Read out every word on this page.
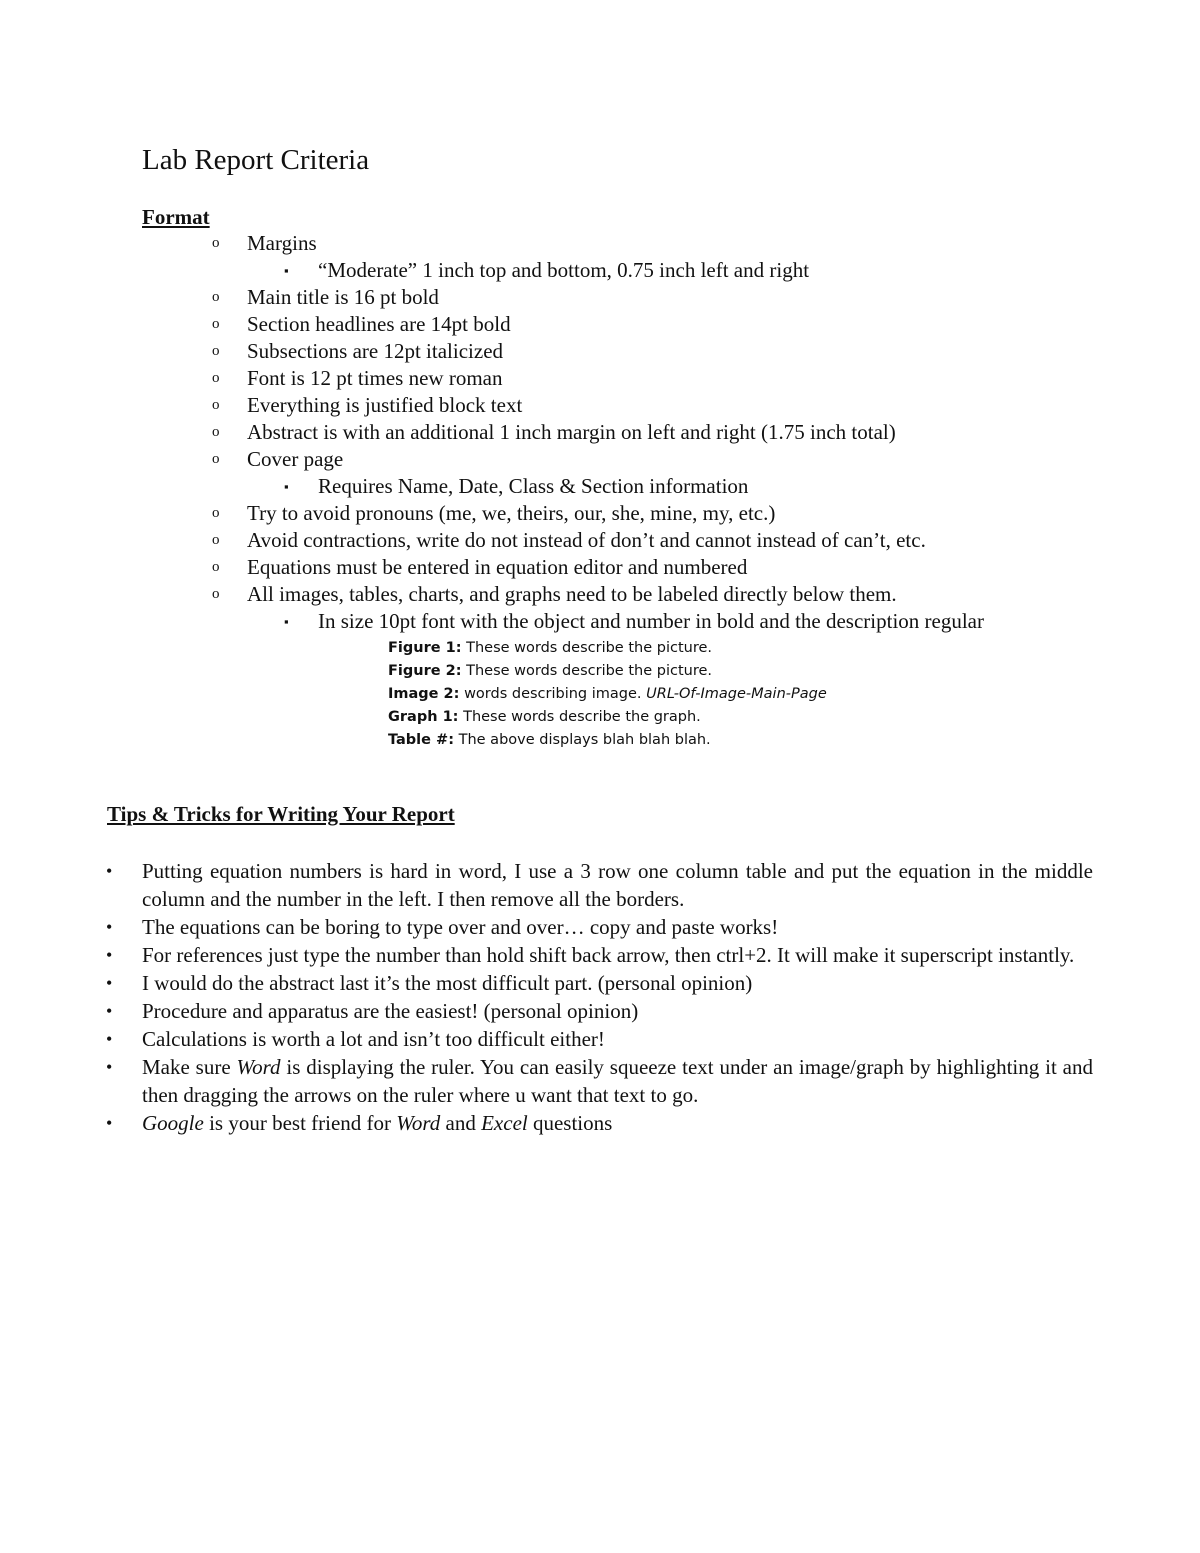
Lab Report Criteria
Format
o Margins
▪ “Moderate” 1 inch top and bottom, 0.75 inch left and right
o Main title is 16 pt bold
o Section headlines are 14pt bold
o Subsections are 12pt italicized
o Font is 12 pt times new roman
o Everything is justified block text
o Abstract is with an additional 1 inch margin on left and right (1.75 inch total)
o Cover page
▪ Requires Name, Date, Class & Section information
o Try to avoid pronouns (me, we, theirs, our, she, mine, my, etc.)
o Avoid contractions, write do not instead of don’t and cannot instead of can’t, etc.
o Equations must be entered in equation editor and numbered
o All images, tables, charts, and graphs need to be labeled directly below them.
▪ In size 10pt font with the object and number in bold and the description regular
Figure 1: These words describe the picture.
Figure 2: These words describe the picture.
Image 2: words describing image. URL-Of-Image-Main-Page
Graph 1: These words describe the graph.
Table #: The above displays blah blah blah.
Tips & Tricks for Writing Your Report
• Putting equation numbers is hard in word, I use a 3 row one column table and put the equation in the middle column and the number in the left. I then remove all the borders.
• The equations can be boring to type over and over… copy and paste works!
• For references just type the number than hold shift back arrow, then ctrl+2. It will make it superscript instantly.
• I would do the abstract last it’s the most difficult part. (personal opinion)
• Procedure and apparatus are the easiest! (personal opinion)
• Calculations is worth a lot and isn’t too difficult either!
• Make sure Word is displaying the ruler. You can easily squeeze text under an image/graph by highlighting it and then dragging the arrows on the ruler where u want that text to go.
• Google is your best friend for Word and Excel questions
